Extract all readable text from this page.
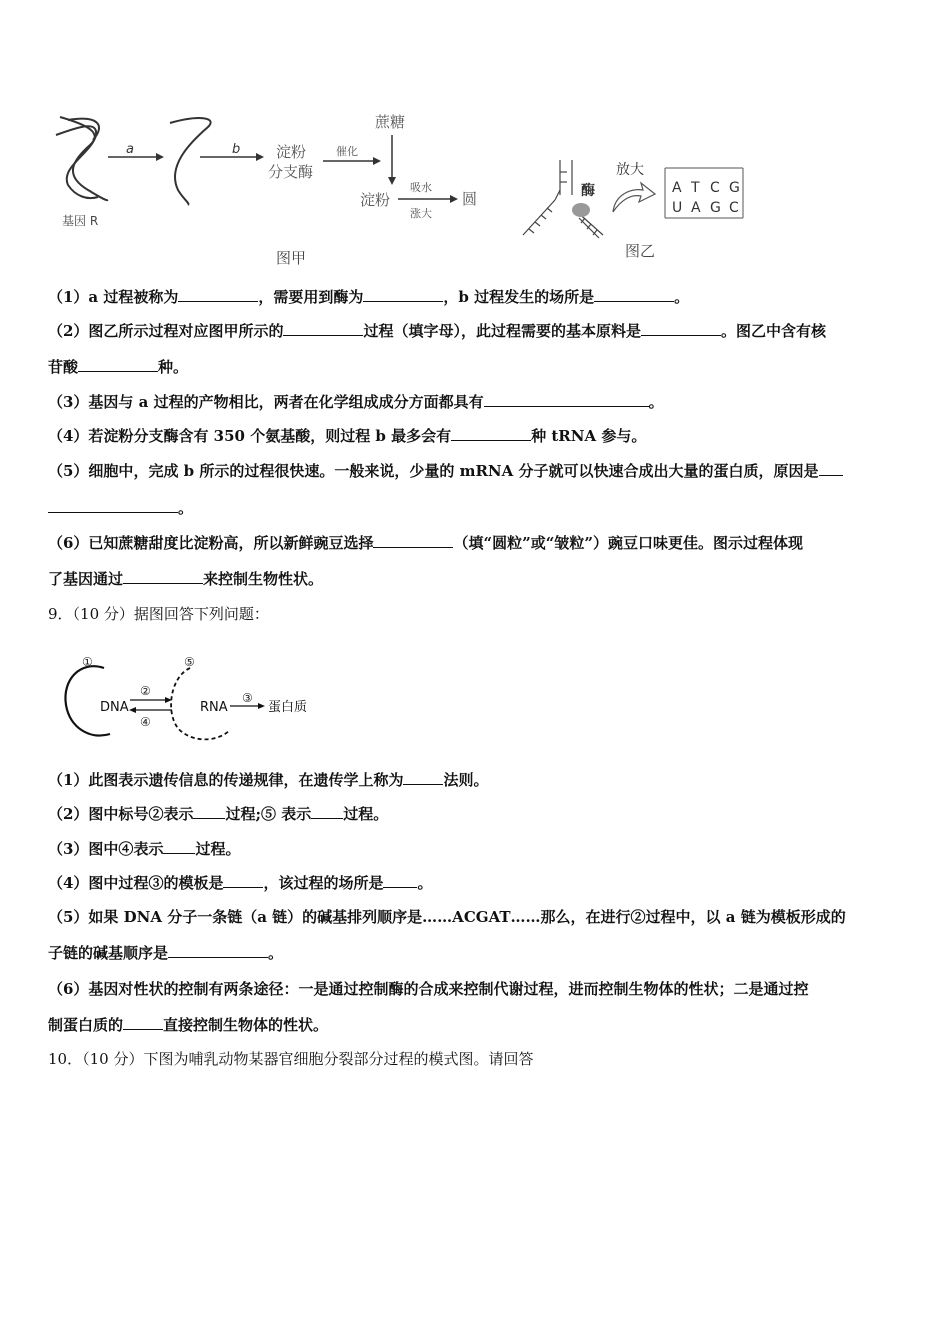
基因 R
a	b 淀粉
分支酶
催化
蔗糖
淀粉
吸水
涨大
圆
图甲
酶
放大
A T C G
U A G C
图乙
（1）a 过程被称为	，需要用到酶为	，b 过程发生的场所是	。
（2）图乙所示过程对应图甲所示的	过程（填字母），此过程需要的基本原料是	。图乙中含有核
苷酸	种。
（3）基因与 a 过程的产物相比，两者在化学组成成分方面都具有	。
（4）若淀粉分支酶含有 350 个氨基酸，则过程 b 最多会有	种 tRNA 参与。
（5）细胞中，完成 b 所示的过程很快速。一般来说，少量的 mRNA 分子就可以快速合成出大量的蛋白质，原因是
。
（6）已知蔗糖甜度比淀粉高，所以新鲜豌豆选择	（填“圆粒”或“皱粒”）豌豆口味更佳。图示过程体现
了基因通过	来控制生物性状。
9．（10 分）据图回答下列问题：
①
DNA
②
④
⑤
RNA
③
蛋白质
（1）此图表示遗传信息的传递规律，在遗传学上称为	法则。
（2）图中标号②表示 过程;⑤ 表示 过程。
（3）图中④表示 过程。
（4）图中过程③的模板是	，该过程的场所是 。
（5）如果 DNA 分子一条链（a 链）的碱基排列顺序是……ACGAT……那么，在进行②过程中，以 a 链为模板形成的
子链的碱基顺序是	。
（6）基因对性状的控制有两条途径：一是通过控制酶的合成来控制代谢过程，进而控制生物体的性状；二是通过控
制蛋白质的	直接控制生物体的性状。
10．（10 分）下图为哺乳动物某器官细胞分裂部分过程的模式图。请回答
